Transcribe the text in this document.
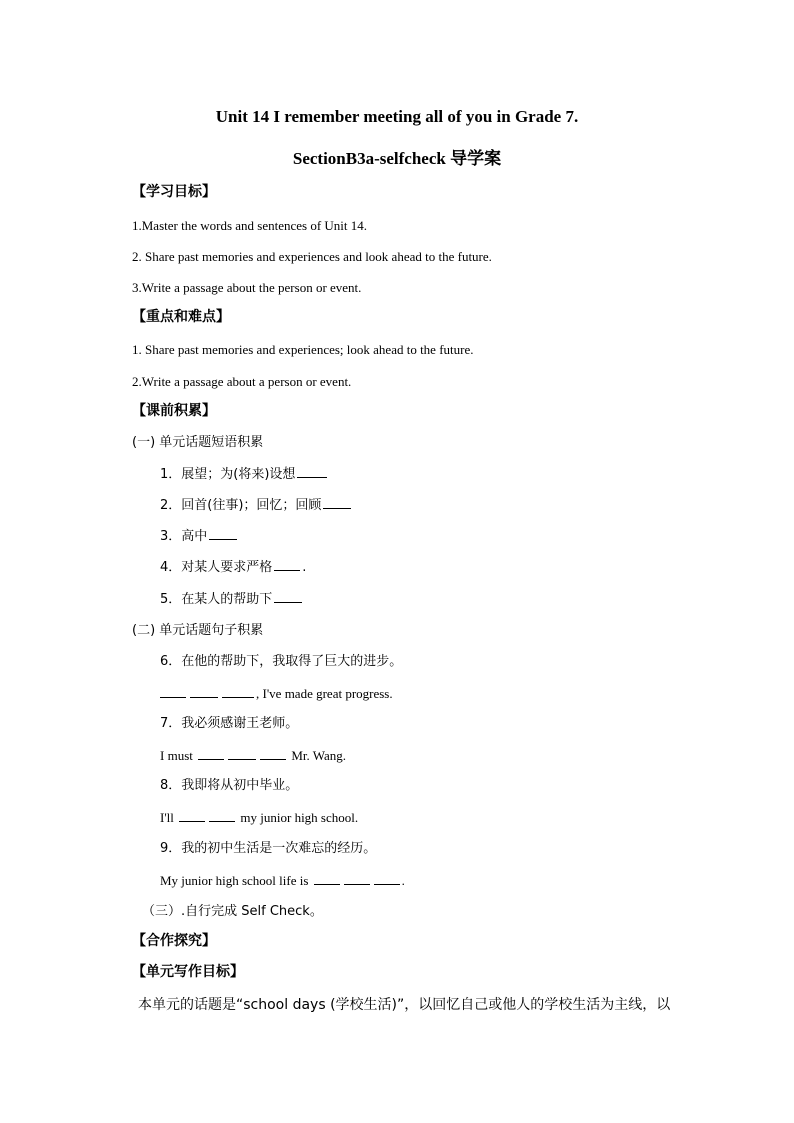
Unit 14 I remember meeting all of you in Grade 7.
SectionB3a-selfcheck 导学案
【学习目标】
1.Master the words and sentences of Unit 14.
2. Share past memories and experiences and look ahead to the future.
3.Write a passage about the person or event.
【重点和难点】
1. Share past memories and experiences; look ahead to the future.
2.Write a passage about a person or event.
【课前积累】
(一) 单元话题短语积累
1．展望；为(将来)设想
2．回首(往事)；回忆；回顾
3．高中
4．对某人要求严格 .
5．在某人的帮助下
(二) 单元话题句子积累
6．在他的帮助下，我取得了巨大的进步。
, I've made great progress.
7．我必须感谢王老师。
I must	Mr. Wang.
8．我即将从初中毕业。
I'll	my junior high school.
9．我的初中生活是一次难忘的经历。
My junior high school life is	.
（三）.自行完成 Self Check。
【合作探究】
【单元写作目标】
本单元的话题是“school days (学校生活)”，以回忆自己或他人的学校生活为主线，以
